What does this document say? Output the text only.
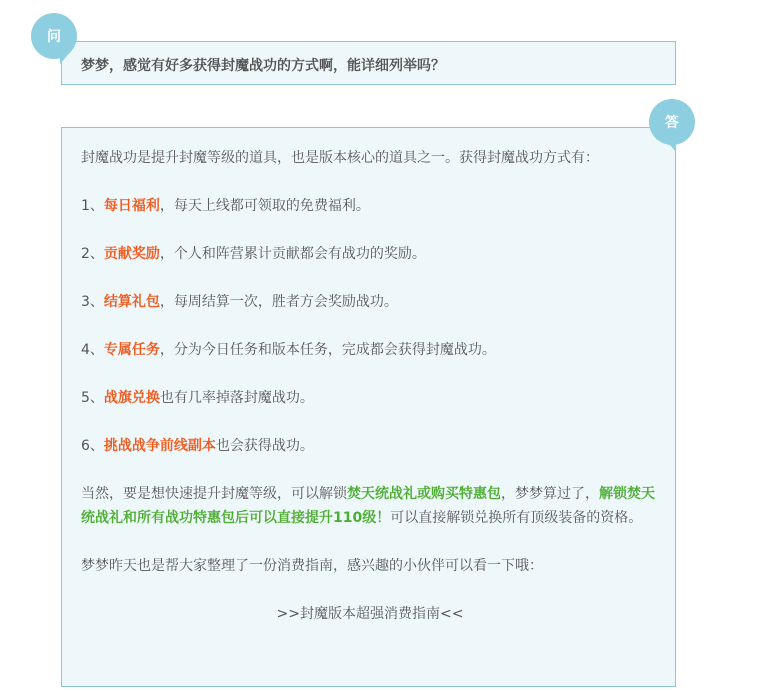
梦梦，感觉有好多获得封魔战功的方式啊，能详细列举吗？
问

封魔战功是提升封魔等级的道具，也是版本核心的道具之一。获得封魔战功方式有：

1、每日福利，每天上线都可领取的免费福利。

2、贡献奖励，个人和阵营累计贡献都会有战功的奖励。

3、结算礼包，每周结算一次，胜者方会奖励战功。

4、专属任务，分为今日任务和版本任务，完成都会获得封魔战功。

5、战旗兑换也有几率掉落封魔战功。

6、挑战战争前线副本也会获得战功。

当然，要是想快速提升封魔等级，可以解锁焚天统战礼或购买特惠包，梦梦算过了，解锁焚天统战礼和所有战功特惠包后可以直接提升110级！可以直接解锁兑换所有顶级装备的资格。

梦梦昨天也是帮大家整理了一份消费指南，感兴趣的小伙伴可以看一下哦：

>>封魔版本超强消费指南<<

答
